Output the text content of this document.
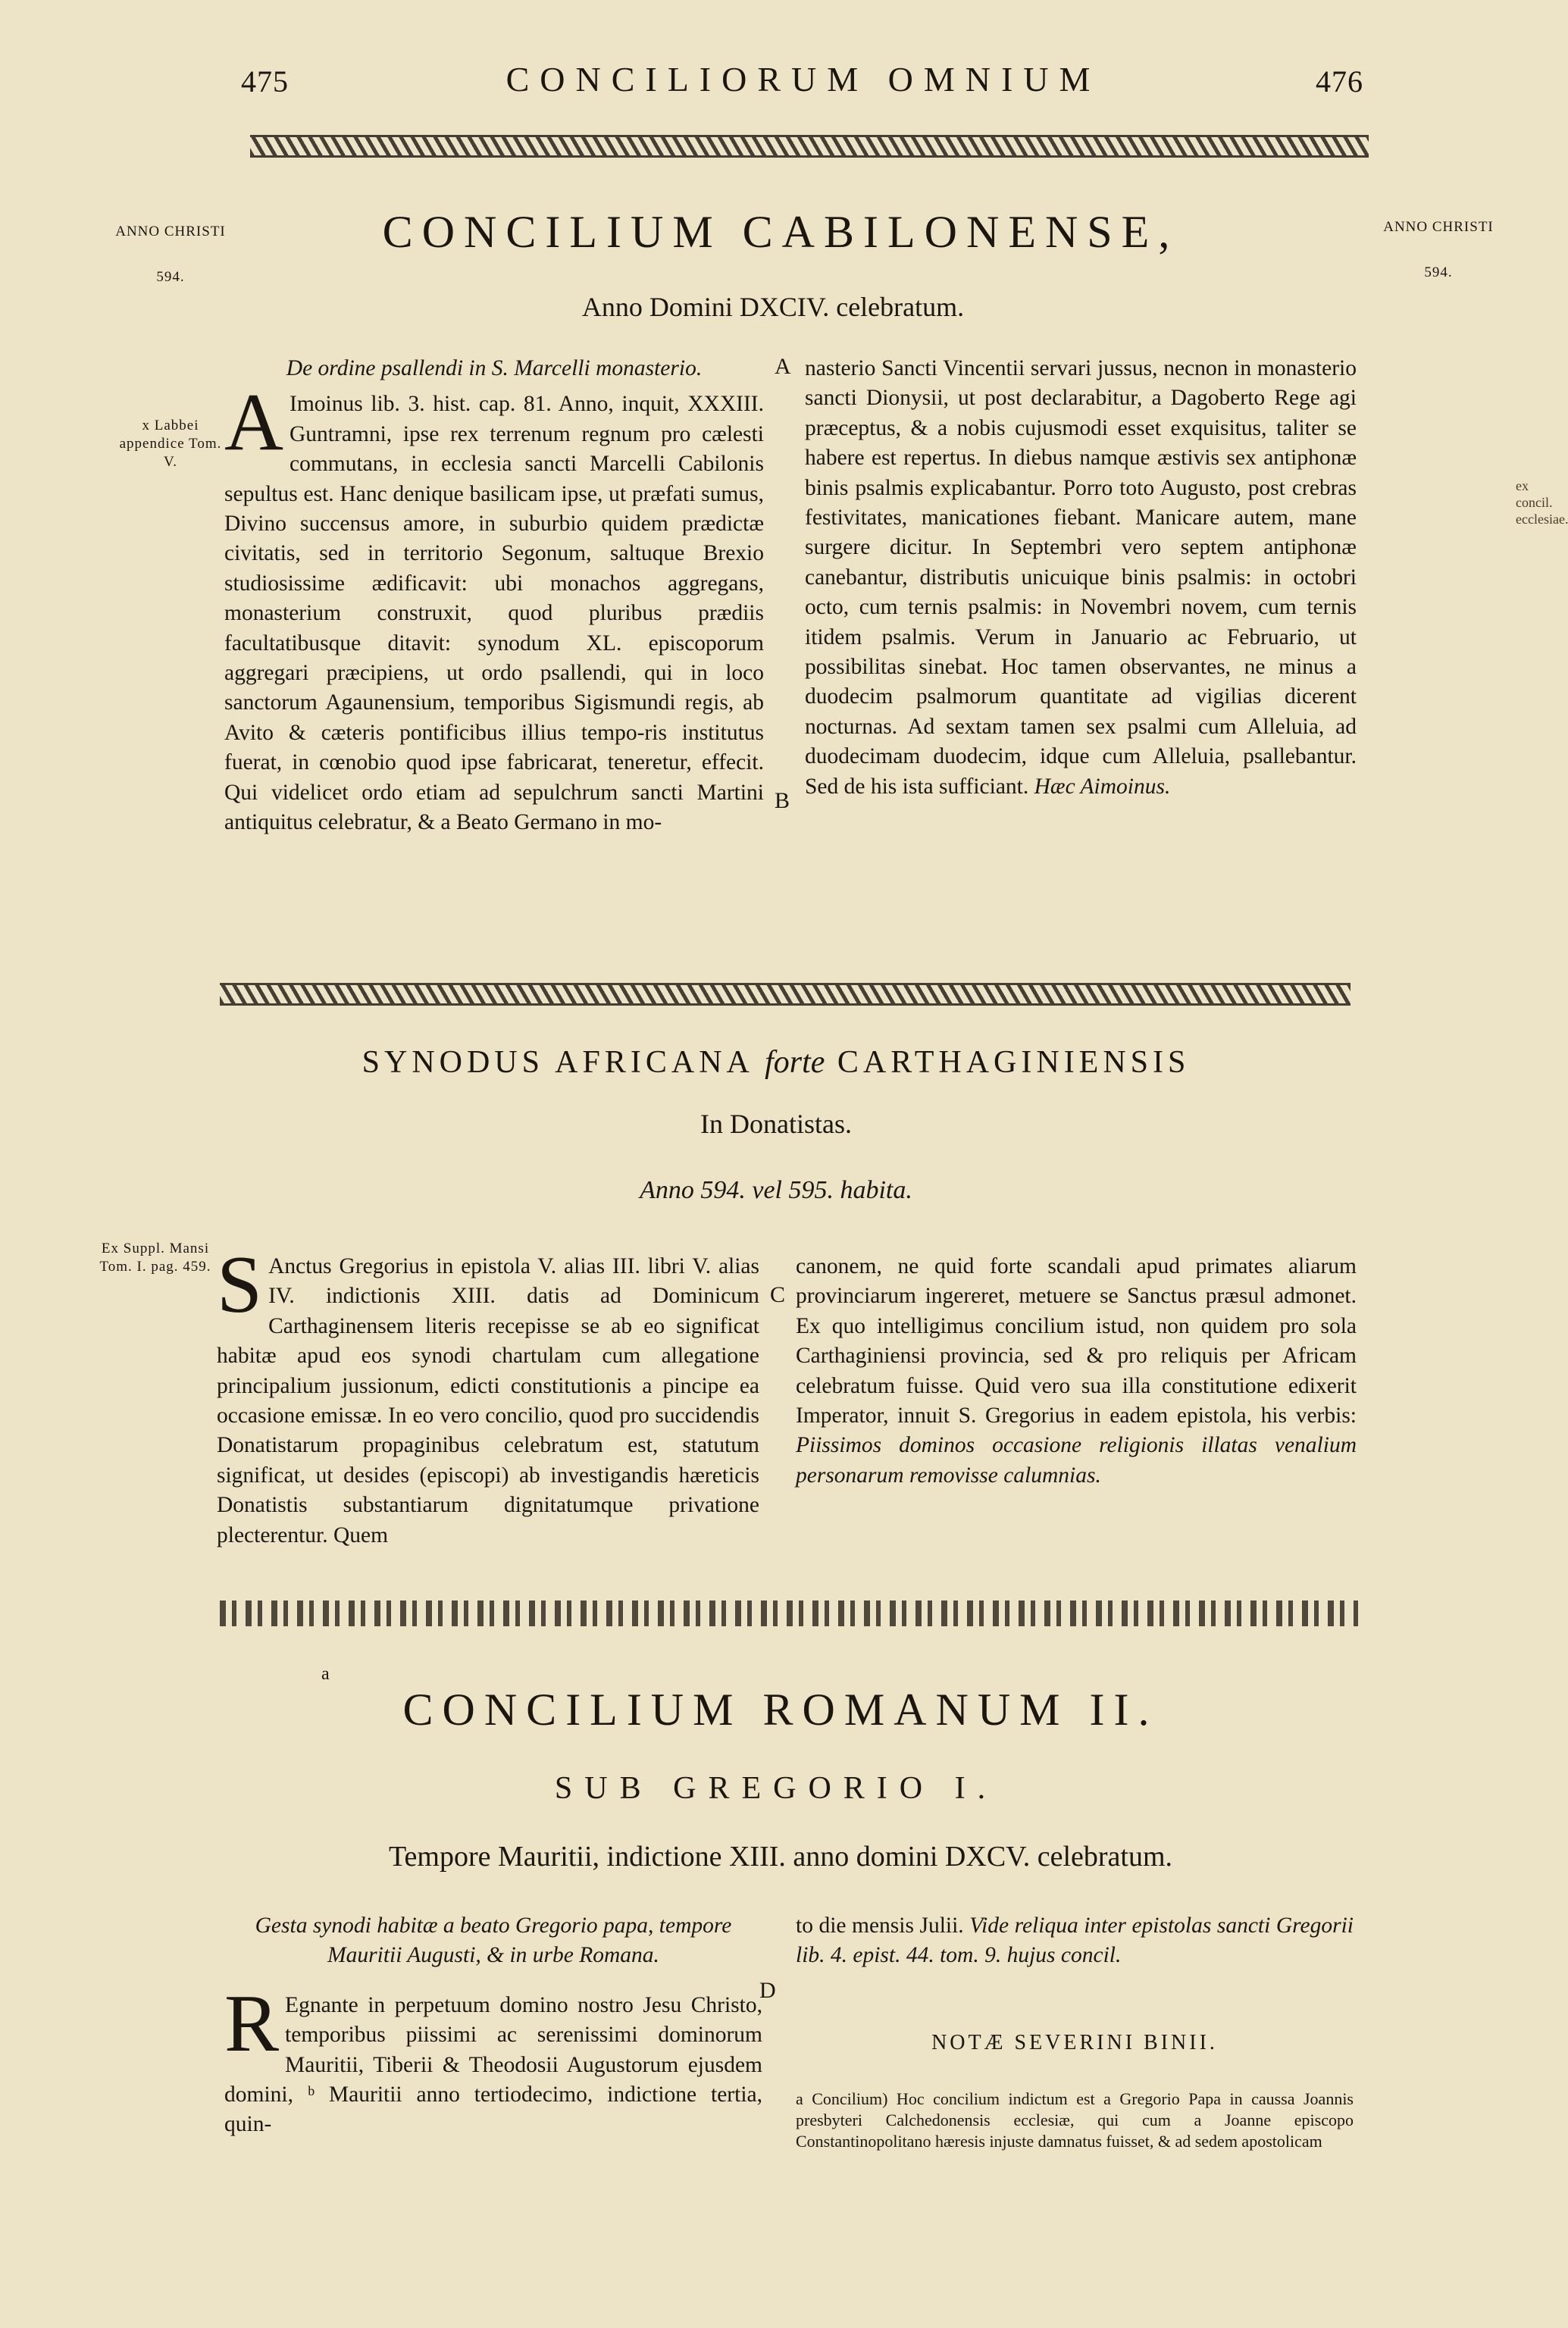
475	CONCILIORUM OMNIUM	476
ANNO CHRISTI
594.
ANNO CHRISTI
594.
ex concil. ecclesiae.
CONCILIUM CABILONENSE,
Anno Domini DXCIV. celebratum.
x Labbei appendice Tom. V.

De ordine psallendi in S. Marcelli monasterio.

A Imoinus lib. 3. hist. cap. 81. Anno, inquit, XXXIII. Guntramni, ipse rex terrenum regnum pro cælesti commutans, in ecclesia sancti Marcelli Cabilonis sepultus est. Hanc denique basilicam ipse, ut præfati sumus, Divino succensus amore, in suburbio quidem prædictæ civitatis, sed in territorio Segonum, saltuque Brexio studiosissime ædificavit: ubi monachos aggregans, monasterium construxit, quod pluribus prædiis facultatibusque ditavit: synodum XL. episcoporum aggregari præcipiens, ut ordo psallendi, qui in loco sanctorum Agaunensium, temporibus Sigismundi regis, ab Avito & cæteris pontificibus illius tempo-ris institutus fuerat, in cœnobio quod ipse fabricarat, teneretur, effecit. Qui videlicet ordo etiam ad sepulchrum sancti Martini antiquitus celebratur, & a Beato Germano in mo-

A
B

nasterio Sancti Vincentii servari jussus, necnon in monasterio sancti Dionysii, ut post declarabitur, a Dagoberto Rege agi præceptus, & a nobis cujusmodi esset exquisitus, taliter se habere est repertus. In diebus namque æstivis sex antiphonæ binis psalmis explicabantur. Porro toto Augusto, post crebras festivitates, manicationes fiebant. Manicare autem, mane surgere dicitur. In Septembri vero septem antiphonæ canebantur, distributis unicuique binis psalmis: in octobri octo, cum ternis psalmis: in Novembri novem, cum ternis itidem psalmis. Verum in Januario ac Februario, ut possibilitas sinebat. Hoc tamen observantes, ne minus a duodecim psalmorum quantitate ad vigilias dicerent nocturnas. Ad sextam tamen sex psalmi cum Alleluia, ad duodecimam duodecim, idque cum Alleluia, psallebantur. Sed de his ista sufficiant. Hæc Aimoinus.

SYNODUS AFRICANA forte CARTHAGINIENSIS
In Donatistas.
Anno 594. vel 595. habita.
Ex Suppl. Mansi Tom. I. pag. 459. S Anctus Gregorius in epistola V. alias III. libri V. alias IV. indictionis XIII. datis ad Dominicum Carthaginensem literis recepisse se ab eo significat habitæ apud eos synodi chartulam cum allegatione principalium jussionum, edicti constitutionis a pincipe ea occasione emissæ. In eo vero concilio, quod pro succidendis Donatistarum propaginibus celebratum est, statutum significat, ut desides (episcopi) ab investigandis hæreticis Donatistis substantiarum dignitatumque privatione plecterentur. Quem

C

canonem, ne quid forte scandali apud primates aliarum provinciarum ingereret, metuere se Sanctus præsul admonet. Ex quo intelligimus concilium istud, non quidem pro sola Carthaginiensi provincia, sed & pro reliquis per Africam celebratum fuisse. Quid vero sua illa constitutione edixerit Imperator, innuit S. Gregorius in eadem epistola, his verbis: Piissimos dominos occasione religionis illatas venalium personarum removisse calumnias.

a
CONCILIUM ROMANUM II.
SUB GREGORIO I.
Tempore Mauritii, indictione XIII. anno domini DXCV. celebratum.

Gesta synodi habitæ a beato Gregorio papa, tempore Mauritii Augusti, & in urbe Romana.

R Egnante in perpetuum domino nostro Jesu Christo, temporibus piissimi ac serenissimi dominorum Mauritii, Tiberii & Theodosii Augustorum ejusdem domini, ᵇ Mauritii anno tertiodecimo, indictione tertia, quin-

to die mensis Julii. Vide reliqua inter epistolas sancti Gregorii lib. 4. epist. 44. tom. 9. hujus concil.

D
NOTÆ SEVERINI BINII.
a Concilium) Hoc concilium indictum est a Gregorio Papa in caussa Joannis presbyteri Calchedonensis ecclesiæ, qui cum a Joanne episcopo Constantinopolitano hæresis injuste damnatus fuisset, & ad sedem apostolicam
